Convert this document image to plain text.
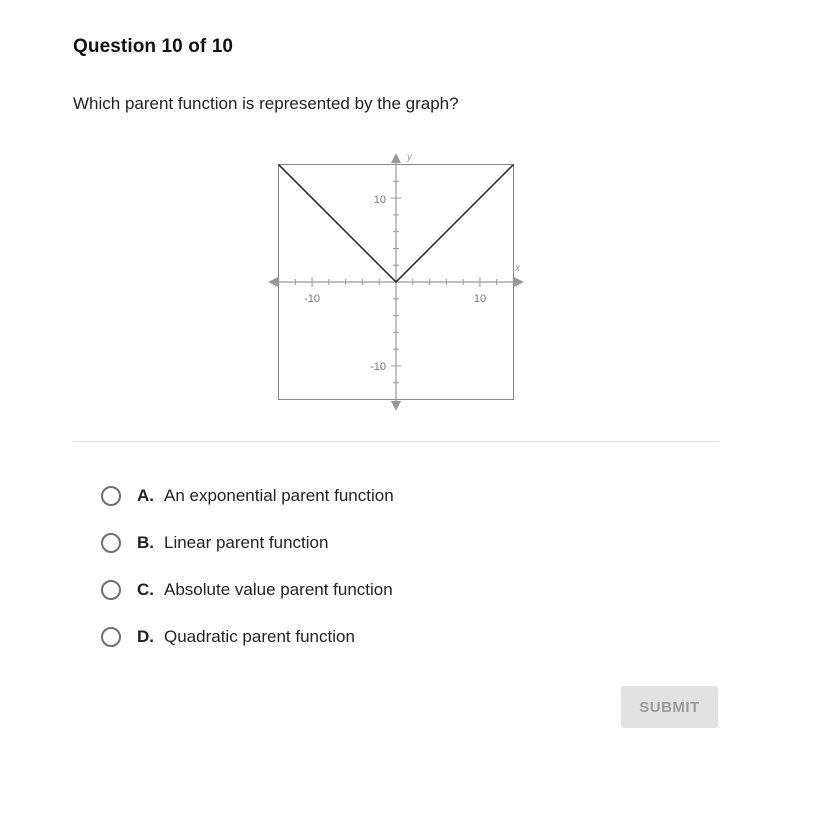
Question 10 of 10
Which parent function is represented by the graph?
x
y
-10	10
10
-10
A. An exponential parent function
B. Linear parent function
C. Absolute value parent function
D. Quadratic parent function
SUBMIT
